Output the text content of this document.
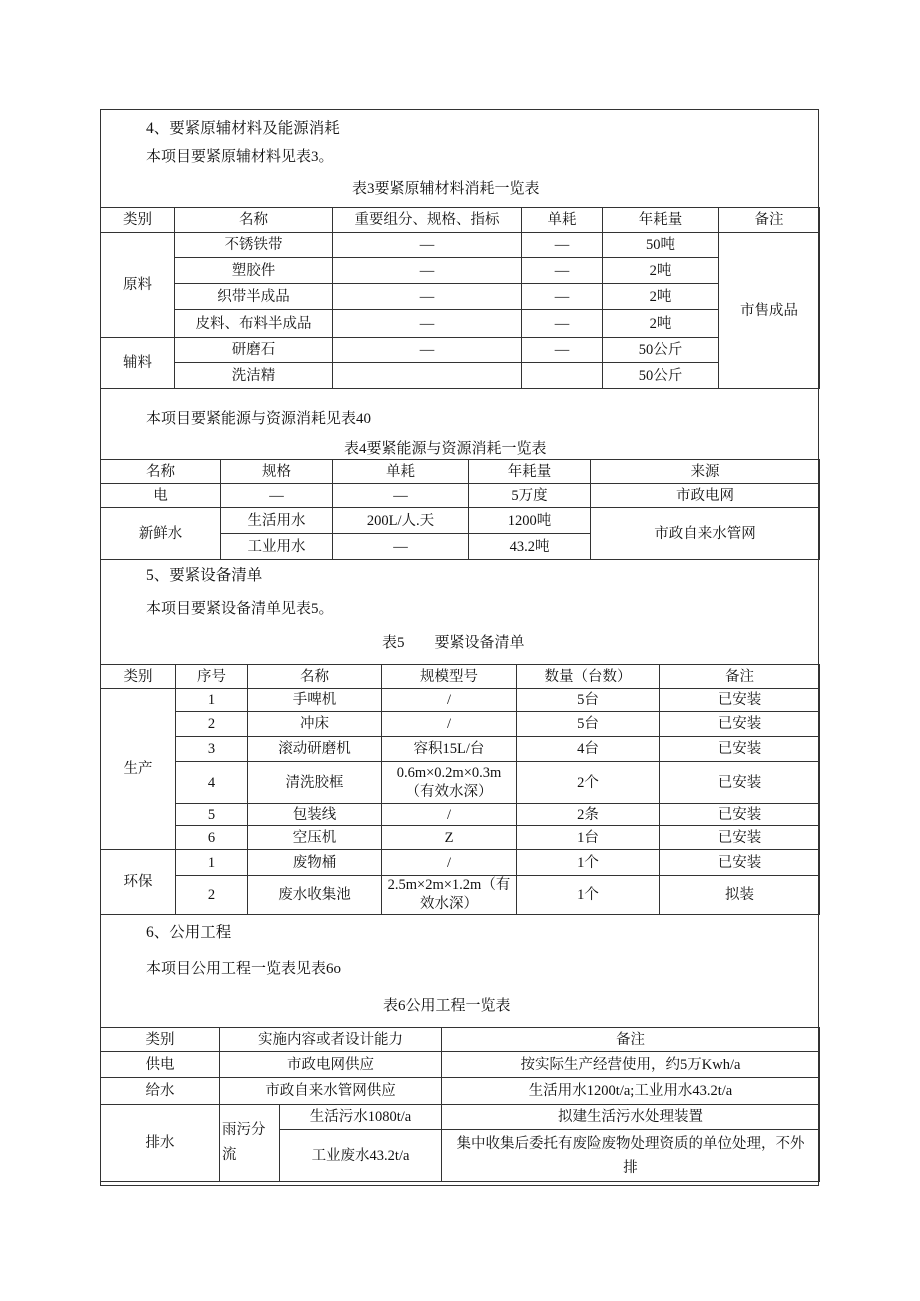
4、要紧原辅材料及能源消耗
本项目要紧原辅材料见表3。
表3要紧原辅材料消耗一览表
类别	名称	重要组分、规格、指标	单耗	年耗量	备注
原料	不锈铁带	—	—	50吨	市售成品
	塑胶件	—	—	2吨	
	织带半成品	—	—	2吨	
	皮料、布料半成品	—	—	2吨	
辅料	研磨石	—	—	50公斤	
	洗洁精			50公斤	
本项目要紧能源与资源消耗见表40
表4要紧能源与资源消耗一览表
名称	规格	单耗	年耗量	来源
电	—	—	5万度	市政电网
新鲜水	生活用水	200L/人.天	1200吨	市政自来水管网
	工业用水	—	43.2吨	
5、要紧设备清单
本项目要紧设备清单见表5。
表5　　要紧设备清单
类别	序号	名称	规模型号	数量（台数）	备注
生产	1	手啤机	/	5台	已安装
	2	冲床	/	5台	已安装
	3	滚动研磨机	容积15L/台	4台	已安装
	4	清洗胶框	0.6m×0.2m×0.3m（有效水深）	2个	已安装
	5	包装线	/	2条	已安装
	6	空压机	Z	1台	已安装
环保	1	废物桶	/	1个	已安装
	2	废水收集池	2.5m×2m×1.2m（有效水深）	1个	拟装
6、公用工程
本项目公用工程一览表见表6o
表6公用工程一览表
类别	实施内容或者设计能力		备注
供电	市政电网供应		按实际生产经营使用，约5万Kwh/a
给水	市政自来水管网供应		生活用水1200t/a;工业用水43.2t/a
排水	雨污分流	生活污水1080t/a	拟建生活污水处理装置
		工业废水43.2t/a	集中收集后委托有废险废物处理资质的单位处理，不外排
